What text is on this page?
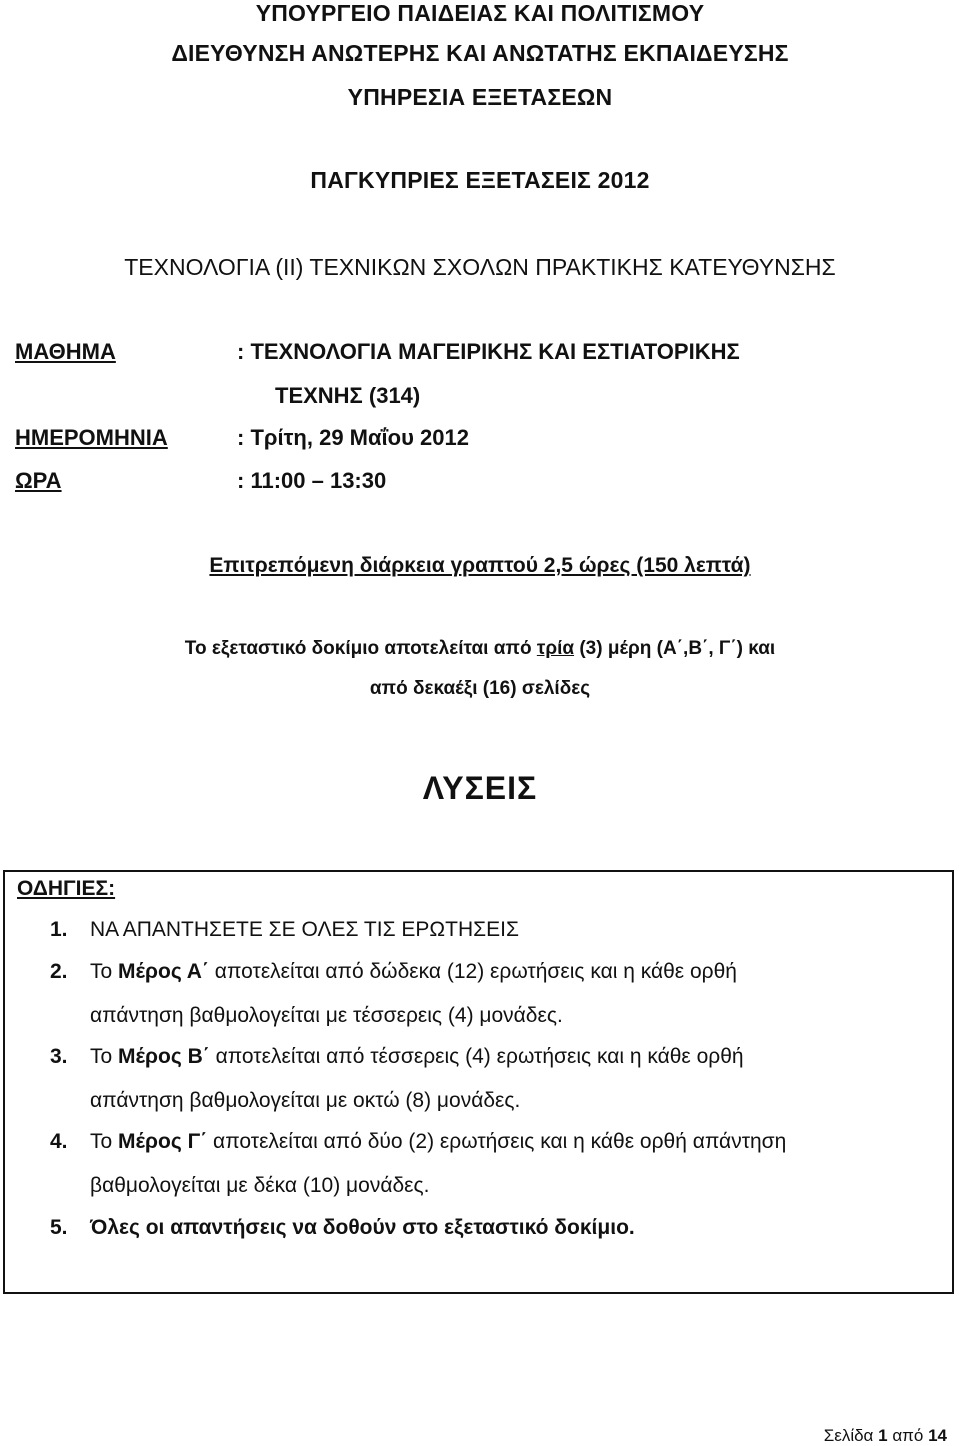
ΥΠΟΥΡΓΕΙΟ ΠΑΙΔΕΙΑΣ ΚΑΙ ΠΟΛΙΤΙΣΜΟΥ
ΔΙΕΥΘΥΝΣΗ ΑΝΩΤΕΡΗΣ ΚΑΙ ΑΝΩΤΑΤΗΣ ΕΚΠΑΙΔΕΥΣΗΣ
ΥΠΗΡΕΣΙΑ ΕΞΕΤΑΣΕΩΝ
ΠΑΓΚΥΠΡΙΕΣ ΕΞΕΤΑΣΕΙΣ 2012
ΤΕΧΝΟΛΟΓΙΑ (ΙΙ) ΤΕΧΝΙΚΩΝ ΣΧΟΛΩΝ ΠΡΑΚΤΙΚΗΣ ΚΑΤΕΥΘΥΝΣΗΣ
ΜΑΘΗΜΑ	: ΤΕΧΝΟΛΟΓΙΑ ΜΑΓΕΙΡΙΚΗΣ ΚΑΙ ΕΣΤΙΑΤΟΡΙΚΗΣ
ΤΕΧΝΗΣ (314)
ΗΜΕΡΟΜΗΝΙΑ	: Τρίτη, 29 Μαΐου 2012
ΩΡΑ	: 11:00 – 13:30
Επιτρεπόμενη διάρκεια γραπτού 2,5 ώρες (150 λεπτά)
Το εξεταστικό δοκίμιο αποτελείται από τρία (3) μέρη (Α΄,Β΄, Γ΄) και
από δεκαέξι (16) σελίδες
ΛΥΣΕΙΣ
ΟΔΗΓΙΕΣ:
1. ΝΑ ΑΠΑΝΤΗΣΕΤΕ ΣΕ ΟΛΕΣ ΤΙΣ ΕΡΩΤΗΣΕΙΣ
2. Το Μέρος Α΄ αποτελείται από δώδεκα (12) ερωτήσεις και η κάθε ορθή
απάντηση βαθμολογείται με τέσσερεις (4) μονάδες.
3. Το Μέρος Β΄ αποτελείται από τέσσερεις (4) ερωτήσεις και η κάθε ορθή
απάντηση βαθμολογείται με οκτώ (8) μονάδες.
4. Το Μέρος Γ΄ αποτελείται από δύο (2) ερωτήσεις και η κάθε ορθή απάντηση
βαθμολογείται με δέκα (10) μονάδες.
5. Όλες οι απαντήσεις να δοθούν στο εξεταστικό δοκίμιο.
Σελίδα 1 από 14
